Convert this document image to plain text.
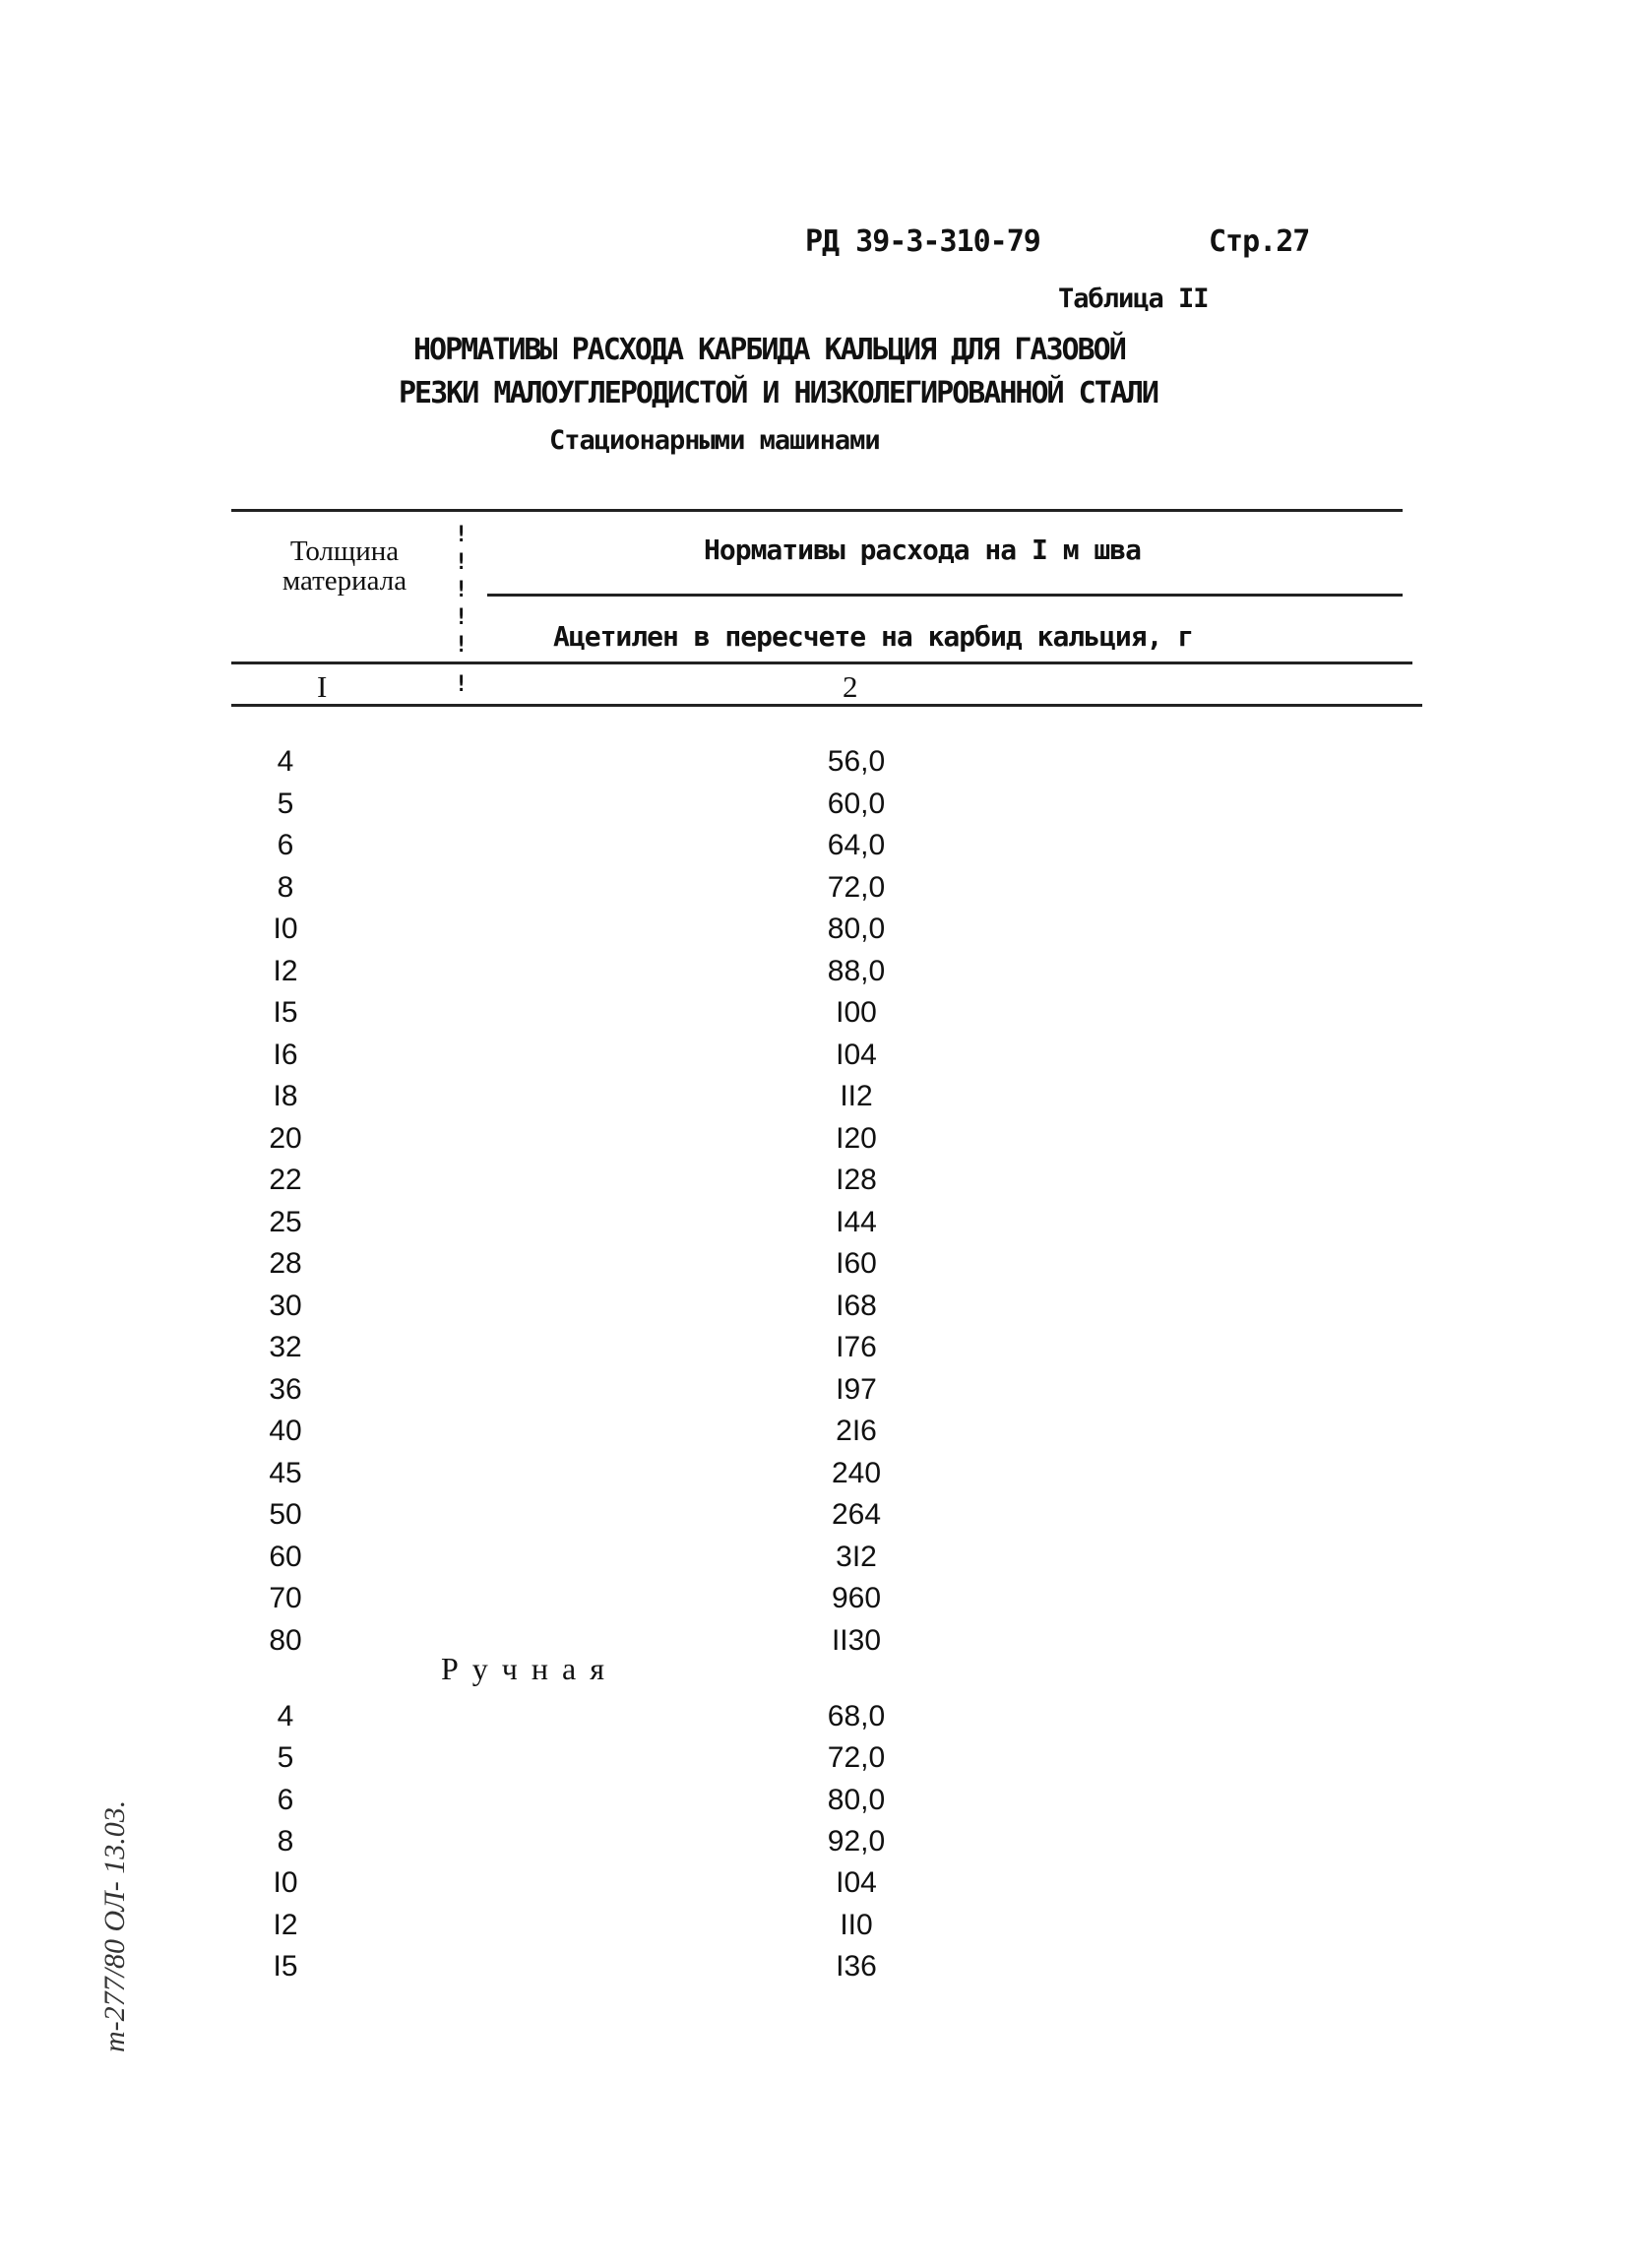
РД 39-3-310-79	Стр.27
Таблица II
НОРМАТИВЫ РАСХОДА КАРБИДА КАЛЬЦИЯ ДЛЯ ГАЗОВОЙ
РЕЗКИ МАЛОУГЛЕРОДИСТОЙ И НИЗКОЛЕГИРОВАННОЙ СТАЛИ
Стационарными машинами
Толщина материала
Нормативы расхода на I м шва
Ацетилен в пересчете на карбид кальция, г
!
!
!
!
!
!
I	2
4	56,0
5	60,0
6	64,0
8	72,0
I0	80,0
I2	88,0
I5	I00
I6	I04
I8	II2
20	I20
22	I28
25	I44
28	I60
30	I68
32	I76
36	I97
40	2I6
45	240
50	264
60	3I2
70	960
80	II30
Ручная
4	68,0
5	72,0
6	80,0
8	92,0
I0	I04
I2	II0
I5	I36
т-277/80 ОЛ- 13.03.
